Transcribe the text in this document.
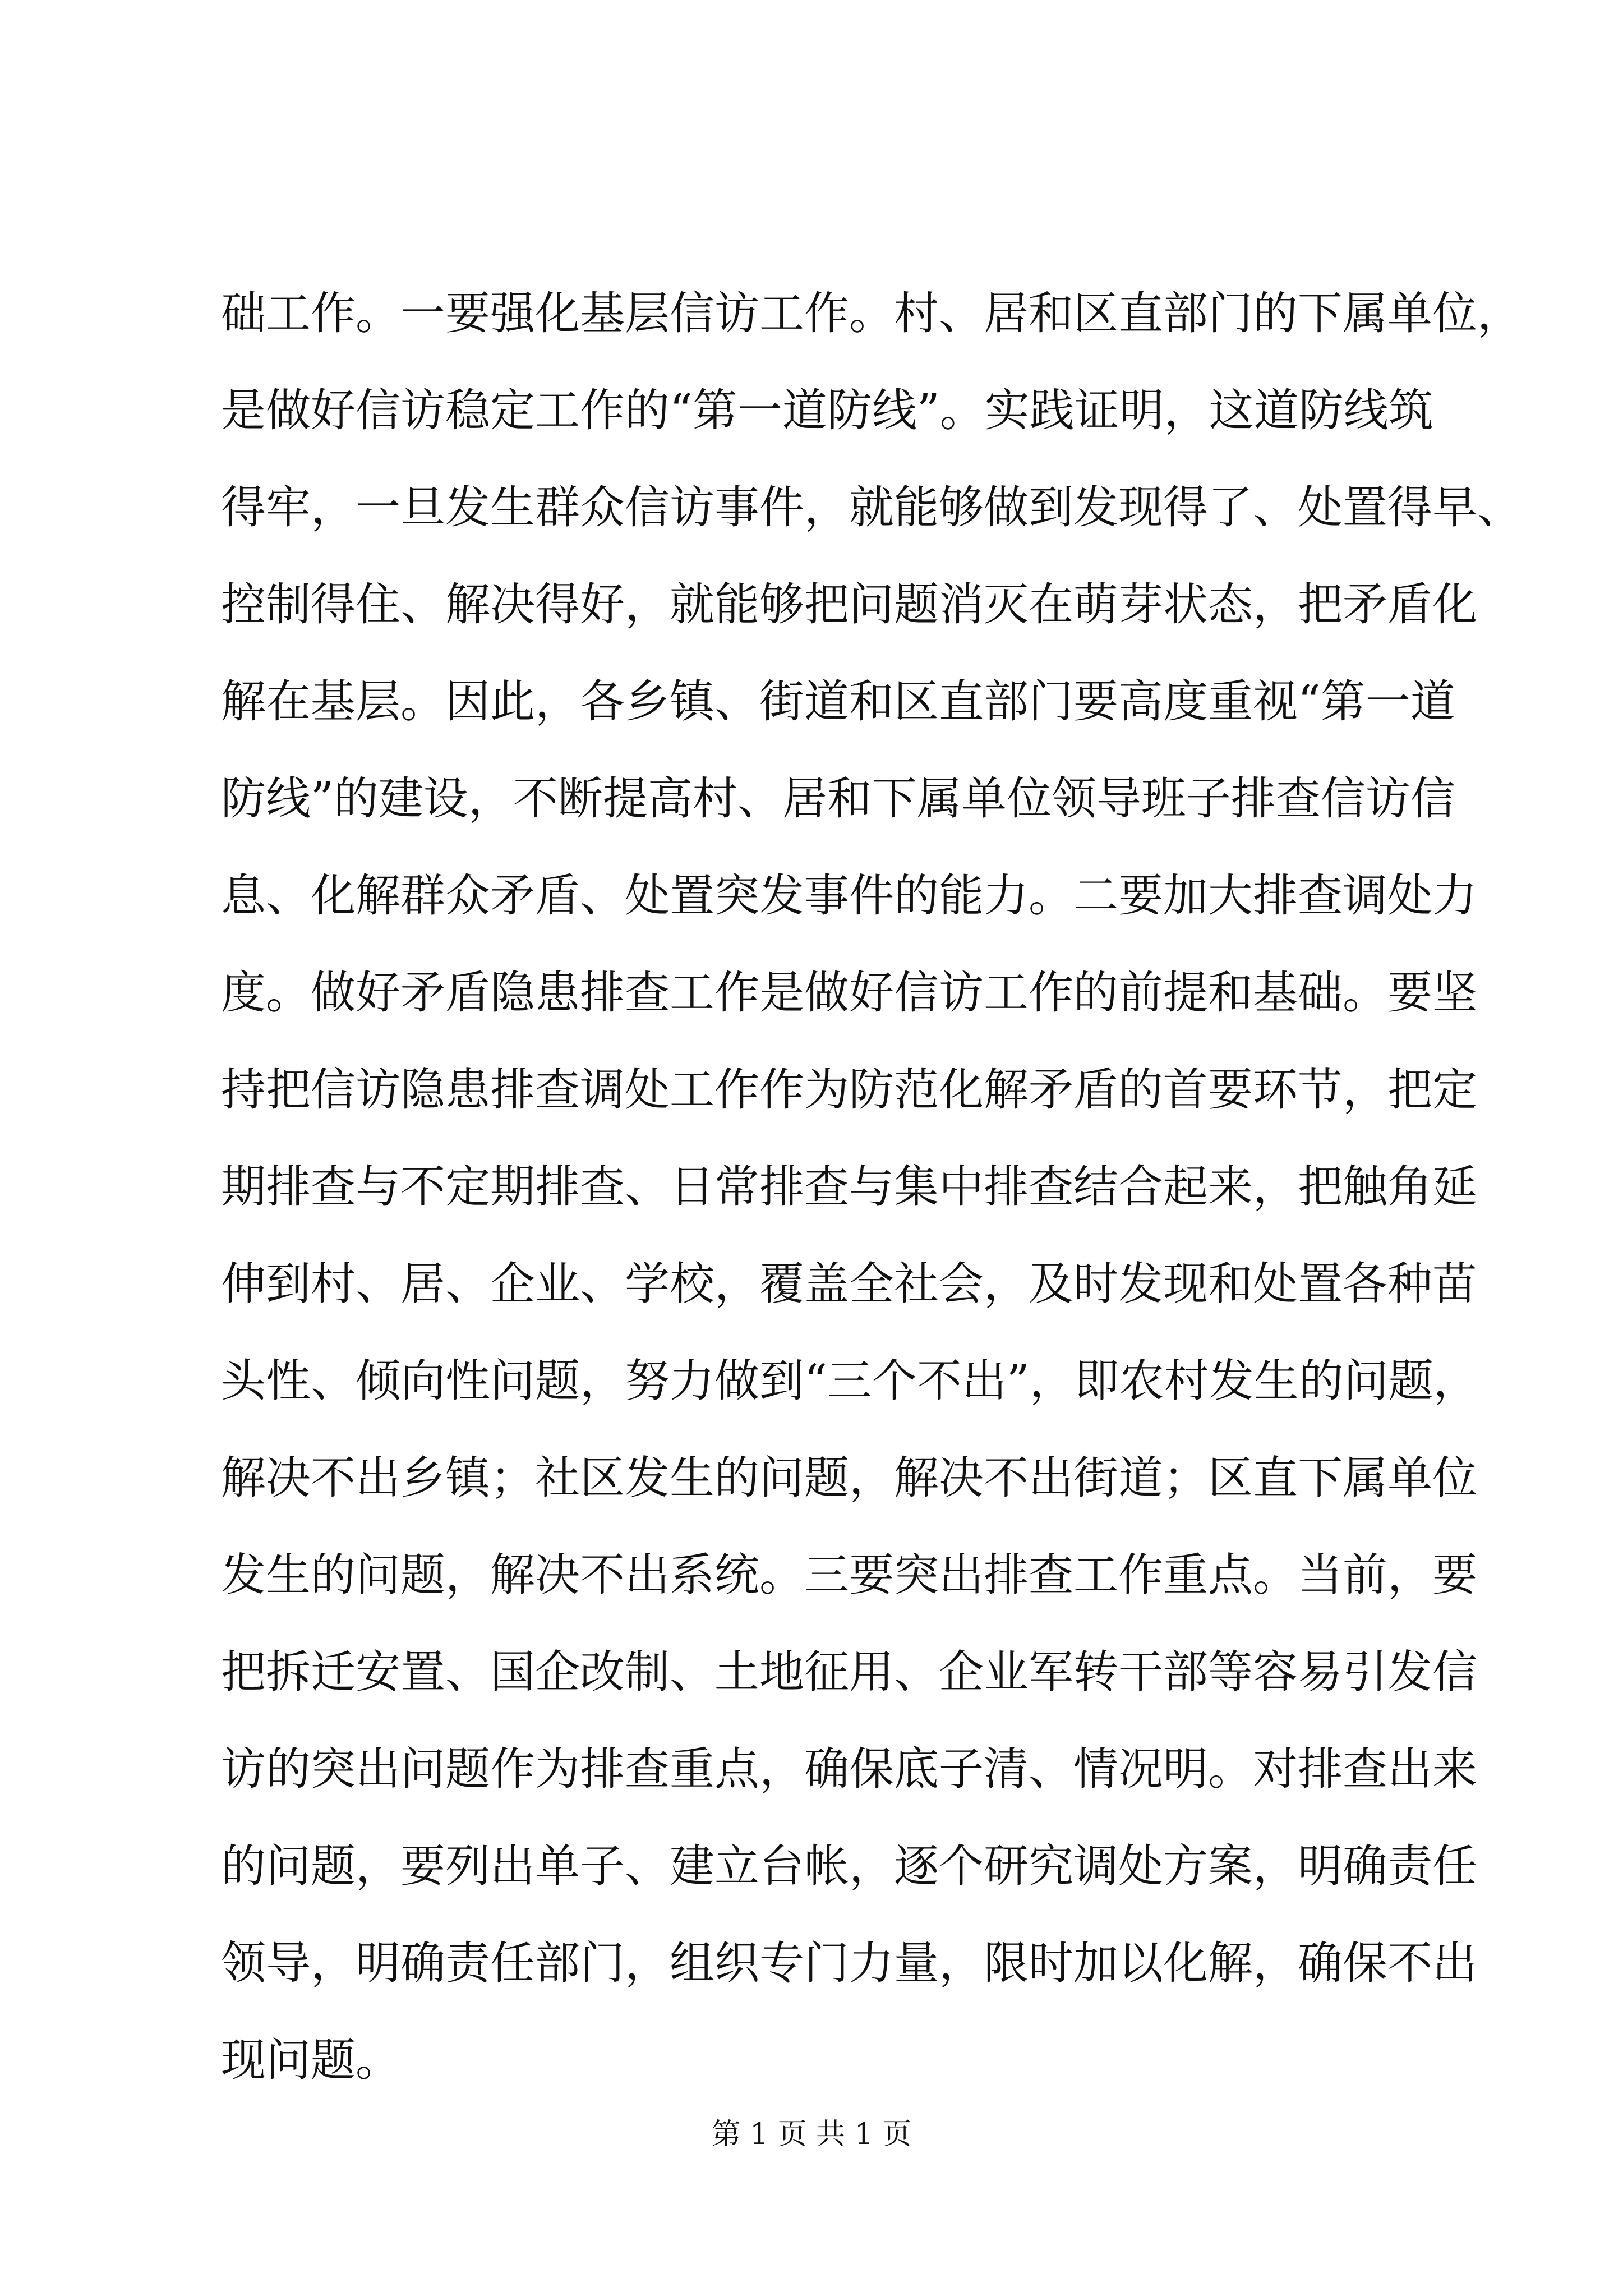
础工作。一要强化基层信访工作。村、居和区直部门的下属单位，
是做好信访稳定工作的“第一道防线”。实践证明，这道防线筑
得牢，一旦发生群众信访事件，就能够做到发现得了、处置得早、
控制得住、解决得好，就能够把问题消灭在萌芽状态，把矛盾化
解在基层。因此，各乡镇、街道和区直部门要高度重视“第一道
防线”的建设，不断提高村、居和下属单位领导班子排查信访信
息、化解群众矛盾、处置突发事件的能力。二要加大排查调处力
度。做好矛盾隐患排查工作是做好信访工作的前提和基础。要坚
持把信访隐患排查调处工作作为防范化解矛盾的首要环节，把定
期排查与不定期排查、日常排查与集中排查结合起来，把触角延
伸到村、居、企业、学校，覆盖全社会，及时发现和处置各种苗
头性、倾向性问题，努力做到“三个不出”，即农村发生的问题，
解决不出乡镇；社区发生的问题，解决不出街道；区直下属单位
发生的问题，解决不出系统。三要突出排查工作重点。当前，要
把拆迁安置、国企改制、土地征用、企业军转干部等容易引发信
访的突出问题作为排查重点，确保底子清、情况明。对排查出来
的问题，要列出单子、建立台帐，逐个研究调处方案，明确责任
领导，明确责任部门，组织专门力量，限时加以化解，确保不出
现问题。
第 1 页 共 1 页
